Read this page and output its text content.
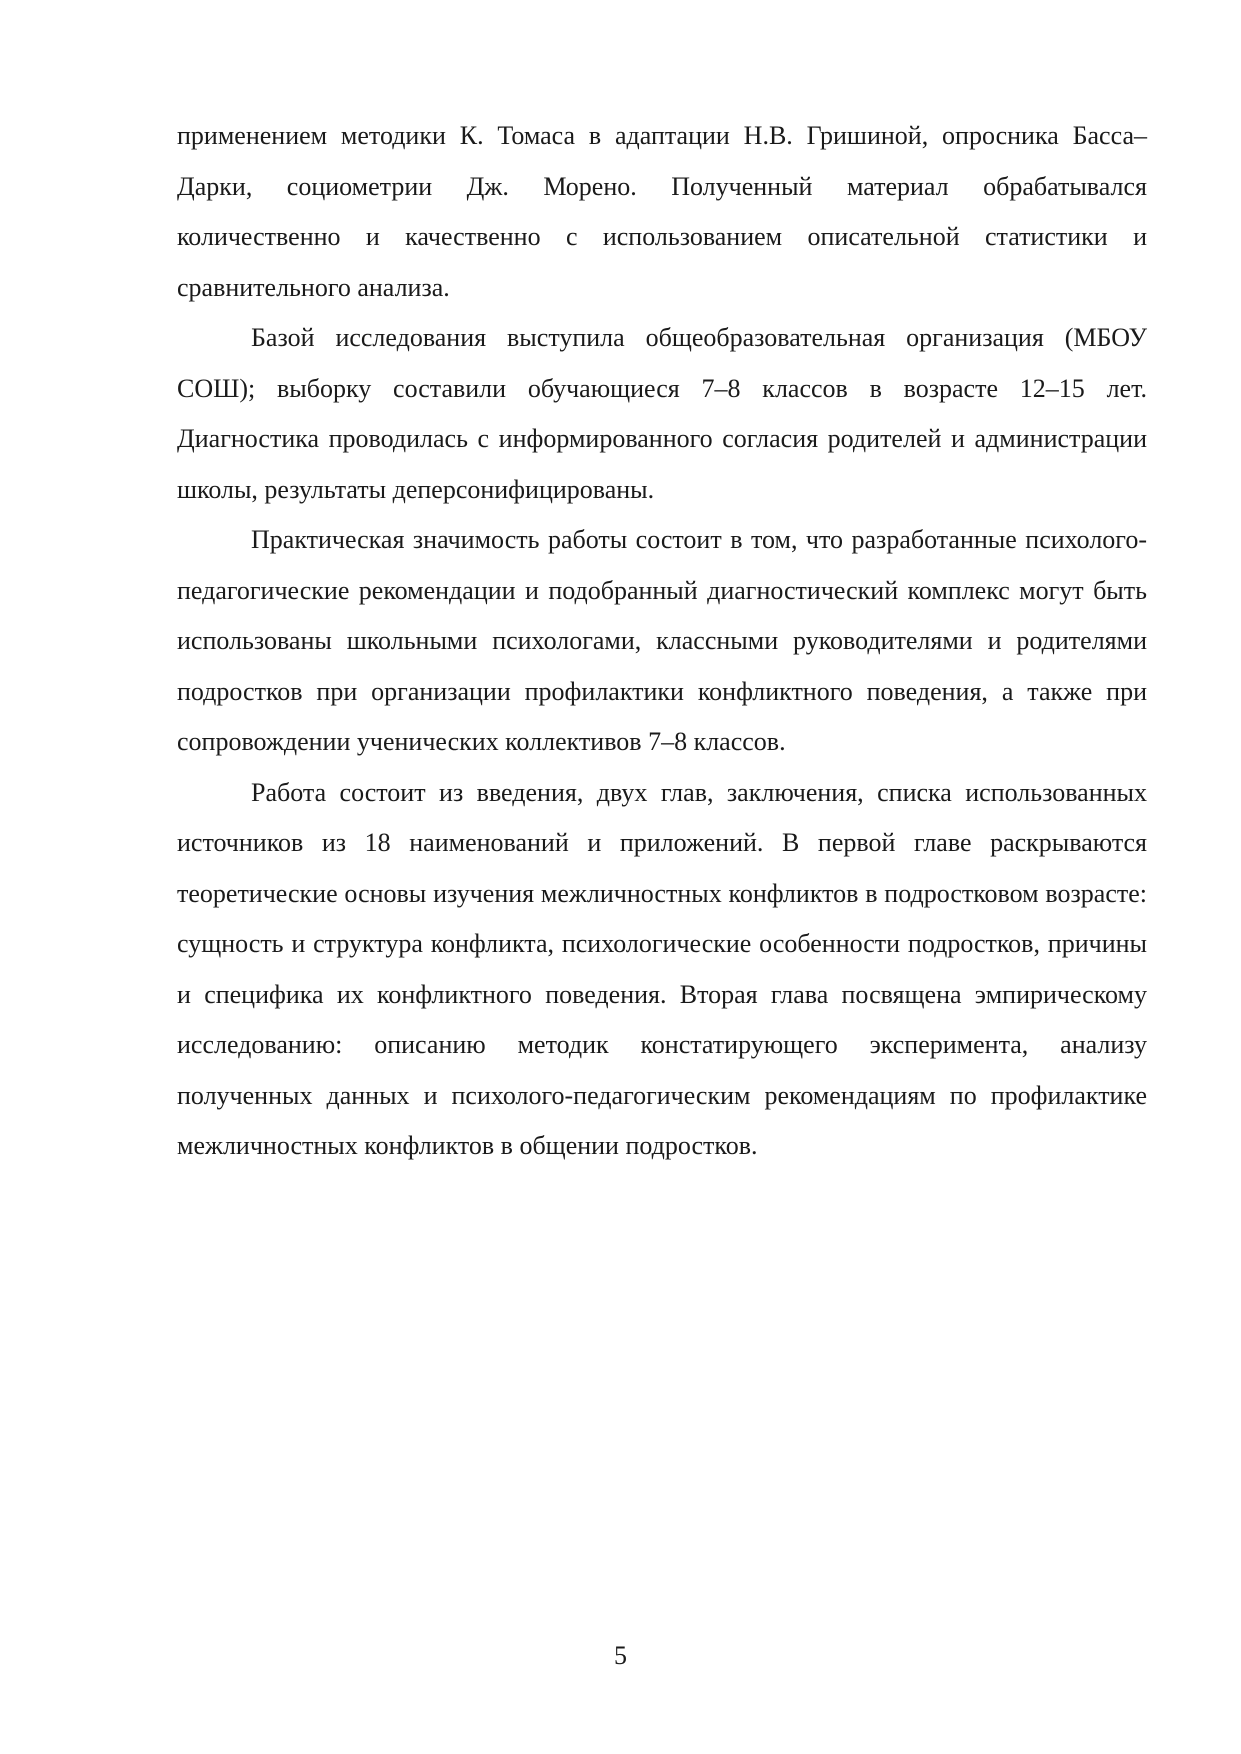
применением методики К. Томаса в адаптации Н.В. Гришиной, опросника Басса–Дарки, социометрии Дж. Морено. Полученный материал обрабатывался количественно и качественно с использованием описательной статистики и сравнительного анализа.

Базой исследования выступила общеобразовательная организация (МБОУ СОШ); выборку составили обучающиеся 7–8 классов в возрасте 12–15 лет. Диагностика проводилась с информированного согласия родителей и администрации школы, результаты деперсонифицированы.

Практическая значимость работы состоит в том, что разработанные психолого-педагогические рекомендации и подобранный диагностический комплекс могут быть использованы школьными психологами, классными руководителями и родителями подростков при организации профилактики конфликтного поведения, а также при сопровождении ученических коллективов 7–8 классов.

Работа состоит из введения, двух глав, заключения, списка использованных источников из 18 наименований и приложений. В первой главе раскрываются теоретические основы изучения межличностных конфликтов в подростковом возрасте: сущность и структура конфликта, психологические особенности подростков, причины и специфика их конфликтного поведения. Вторая глава посвящена эмпирическому исследованию: описанию методик констатирующего эксперимента, анализу полученных данных и психолого-педагогическим рекомендациям по профилактике межличностных конфликтов в общении подростков.

5
